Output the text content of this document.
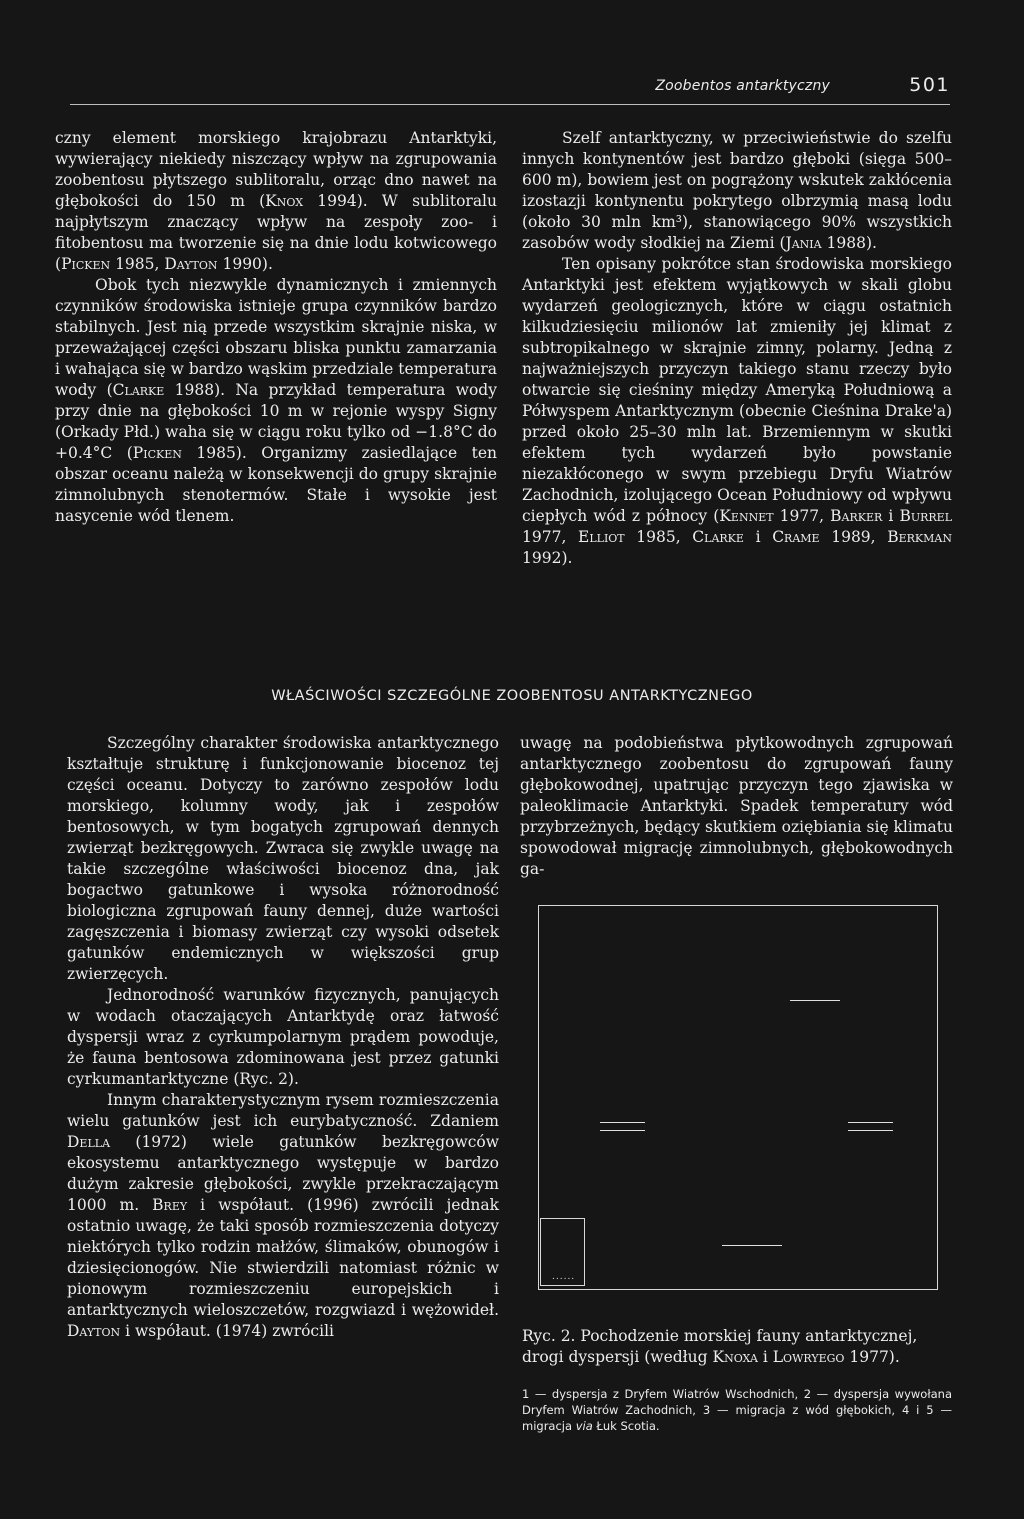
Zoobentos antarktyczny	501

czny element morskiego krajobrazu Antarktyki, wywierający niekiedy niszczący wpływ na zgrupowania zoobentosu płytszego sublitoralu, orząc dno nawet na głębokości do 150 m (Knox 1994). W sublitoralu najpłytszym znaczący wpływ na zespoły zoo- i fitobentosu ma tworzenie się na dnie lodu kotwicowego (Picken 1985, Dayton 1990).

Obok tych niezwykle dynamicznych i zmiennych czynników środowiska istnieje grupa czynników bardzo stabilnych. Jest nią przede wszystkim skrajnie niska, w przeważającej części obszaru bliska punktu zamarzania i wahająca się w bardzo wąskim przedziale temperatura wody (Clarke 1988). Na przykład temperatura wody przy dnie na głębokości 10 m w rejonie wyspy Signy (Orkady Płd.) waha się w ciągu roku tylko od −1.8°C do +0.4°C (Picken 1985). Organizmy zasiedlające ten obszar oceanu należą w konsekwencji do grupy skrajnie zimnolubnych stenotermów. Stałe i wysokie jest nasycenie wód tlenem.

Szelf antarktyczny, w przeciwieństwie do szelfu innych kontynentów jest bardzo głęboki (sięga 500–600 m), bowiem jest on pogrążony wskutek zakłócenia izostazji kontynentu pokrytego olbrzymią masą lodu (około 30 mln km³), stanowiącego 90% wszystkich zasobów wody słodkiej na Ziemi (Jania 1988).

Ten opisany pokrótce stan środowiska morskiego Antarktyki jest efektem wyjątkowych w skali globu wydarzeń geologicznych, które w ciągu ostatnich kilkudziesięciu milionów lat zmieniły jej klimat z subtropikalnego w skrajnie zimny, polarny. Jedną z najważniejszych przyczyn takiego stanu rzeczy było otwarcie się cieśniny między Ameryką Południową a Półwyspem Antarktycznym (obecnie Cieśnina Drake'a) przed około 25–30 mln lat. Brzemiennym w skutki efektem tych wydarzeń było powstanie niezakłóconego w swym przebiegu Dryfu Wiatrów Zachodnich, izolującego Ocean Południowy od wpływu ciepłych wód z północy (Kennet 1977, Barker i Burrel 1977, Elliot 1985, Clarke i Crame 1989, Berkman 1992).

WŁAŚCIWOŚCI SZCZEGÓLNE ZOOBENTOSU ANTARKTYCZNEGO

Szczególny charakter środowiska antarktycznego kształtuje strukturę i funkcjonowanie biocenoz tej części oceanu. Dotyczy to zarówno zespołów lodu morskiego, kolumny wody, jak i zespołów bentosowych, w tym bogatych zgrupowań dennych zwierząt bezkręgowych. Zwraca się zwykle uwagę na takie szczególne właściwości biocenoz dna, jak bogactwo gatunkowe i wysoka różnorodność biologiczna zgrupowań fauny dennej, duże wartości zagęszczenia i biomasy zwierząt czy wysoki odsetek gatunków endemicznych w większości grup zwierzęcych.

Jednorodność warunków fizycznych, panujących w wodach otaczających Antarktydę oraz łatwość dyspersji wraz z cyrkumpolarnym prądem powoduje, że fauna bentosowa zdominowana jest przez gatunki cyrkumantarktyczne (Ryc. 2).

Innym charakterystycznym rysem rozmieszczenia wielu gatunków jest ich eurybatyczność. Zdaniem Della (1972) wiele gatunków bezkręgowców ekosystemu antarktycznego występuje w bardzo dużym zakresie głębokości, zwykle przekraczającym 1000 m. Brey i współaut. (1996) zwrócili jednak ostatnio uwagę, że taki sposób rozmieszczenia dotyczy niektórych tylko rodzin małżów, ślimaków, obunogów i dziesięcionogów. Nie stwierdzili natomiast różnic w pionowym rozmieszczeniu europejskich i antarktycznych wieloszczetów, rozgwiazd i wężowideł. Dayton i współaut. (1974) zwrócili

uwagę na podobieństwa płytkowodnych zgrupowań antarktycznego zoobentosu do zgrupowań fauny głębokowodnej, upatrując przyczyn tego zjawiska w paleoklimacie Antarktyki. Spadek temperatury wód przybrzeżnych, będący skutkiem oziębiania się klimatu spowodował migrację zimnolubnych, głębokowodnych ga-

......
Ryc. 2. Pochodzenie morskiej fauny antarktycznej, drogi dyspersji (według Knoxa i Lowryego 1977).
1 — dyspersja z Dryfem Wiatrów Wschodnich, 2 — dyspersja wywołana Dryfem Wiatrów Zachodnich, 3 — migracja z wód głębokich, 4 i 5 — migracja via Łuk Scotia.
